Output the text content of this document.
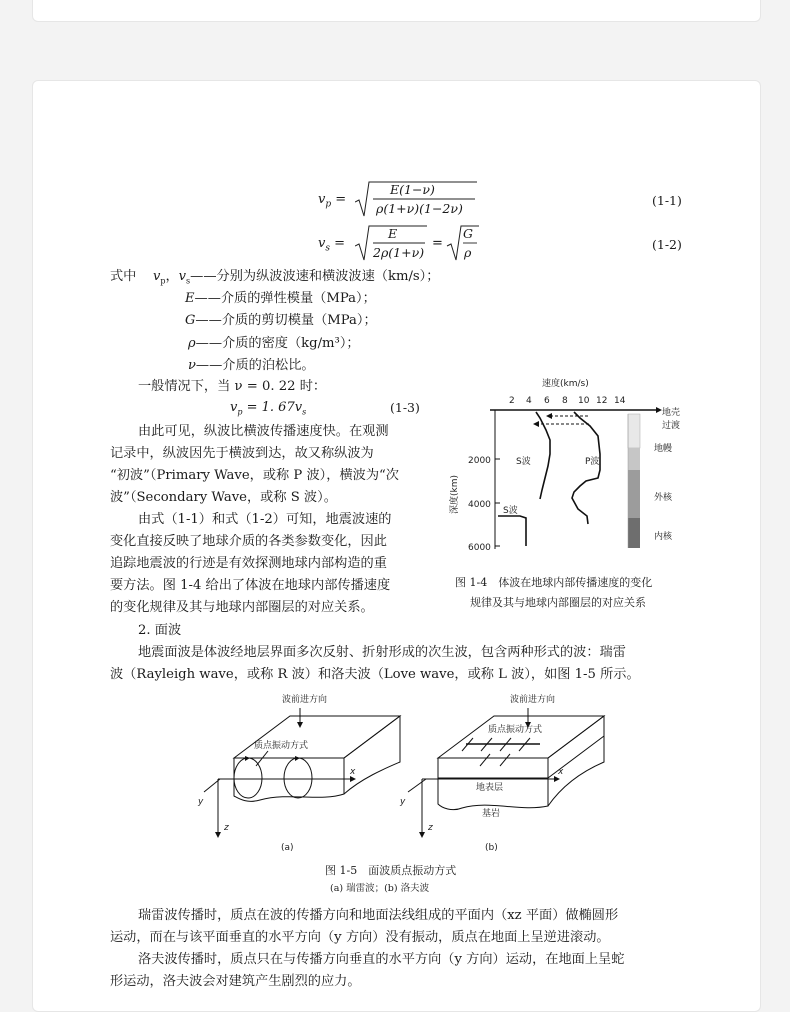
$v_p$ =
E(1−ν)
ρ(1+ν)(1−2ν)
(1-1)
$v_s$ =	=
E
2ρ(1+ν)
G
ρ
(1-2)
式中 $v_p$，$v_s——$分别为纵波波速和横波波速（km/s）；
E——介质的弹性模量（MPa）；
G——介质的剪切模量（MPa）；
ρ——介质的密度（kg/m³）；
ν——介质的泊松比。
一般情况下，当 ν = 0. 22 时：
$v_p = 1$. $67v_s$	(1-3)
由此可见，纵波比横波传播速度快。在观测
记录中，纵波因先于横波到达，故又称纵波为
“初波”（Primary Wave，或称 P 波），横波为“次
波”（Secondary Wave，或称 S 波）。
由式（1-1）和式（1-2）可知，地震波速的
变化直接反映了地球介质的各类参数变化，因此
追踪地震波的行迹是有效探测地球内部构造的重
要方法。图 1-4 给出了体波在地球内部传播速度
的变化规律及其与地球内部圈层的对应关系。
2. 面波
地震面波是体波经地层界面多次反射、折射形成的次生波，包含两种形式的波：瑞雷
波（Rayleigh wave，或称 R 波）和洛夫波（Love wave，或称 L 波），如图 1-5 所示。
速度(km/s)
2 4 6 8 10 12 14
2000
4000
6000
深度(km)
S波	P波
S波
地壳
过渡
地幔
外核
内核
图 1-4　体波在地球内部传播速度的变化
规律及其与地球内部圈层的对应关系
波前进方向
质点振动方式
x
y
z
(a)
波前进方向
质点振动方式
地表层
基岩
x
y
z
(b)
图 1-5　面波质点振动方式
(a) 瑞雷波；(b) 洛夫波
瑞雷波传播时，质点在波的传播方向和地面法线组成的平面内（xz 平面）做椭圆形
运动，而在与该平面垂直的水平方向（y 方向）没有振动，质点在地面上呈逆进滚动。
洛夫波传播时，质点只在与传播方向垂直的水平方向（y 方向）运动，在地面上呈蛇
形运动，洛夫波会对建筑产生剧烈的应力。
